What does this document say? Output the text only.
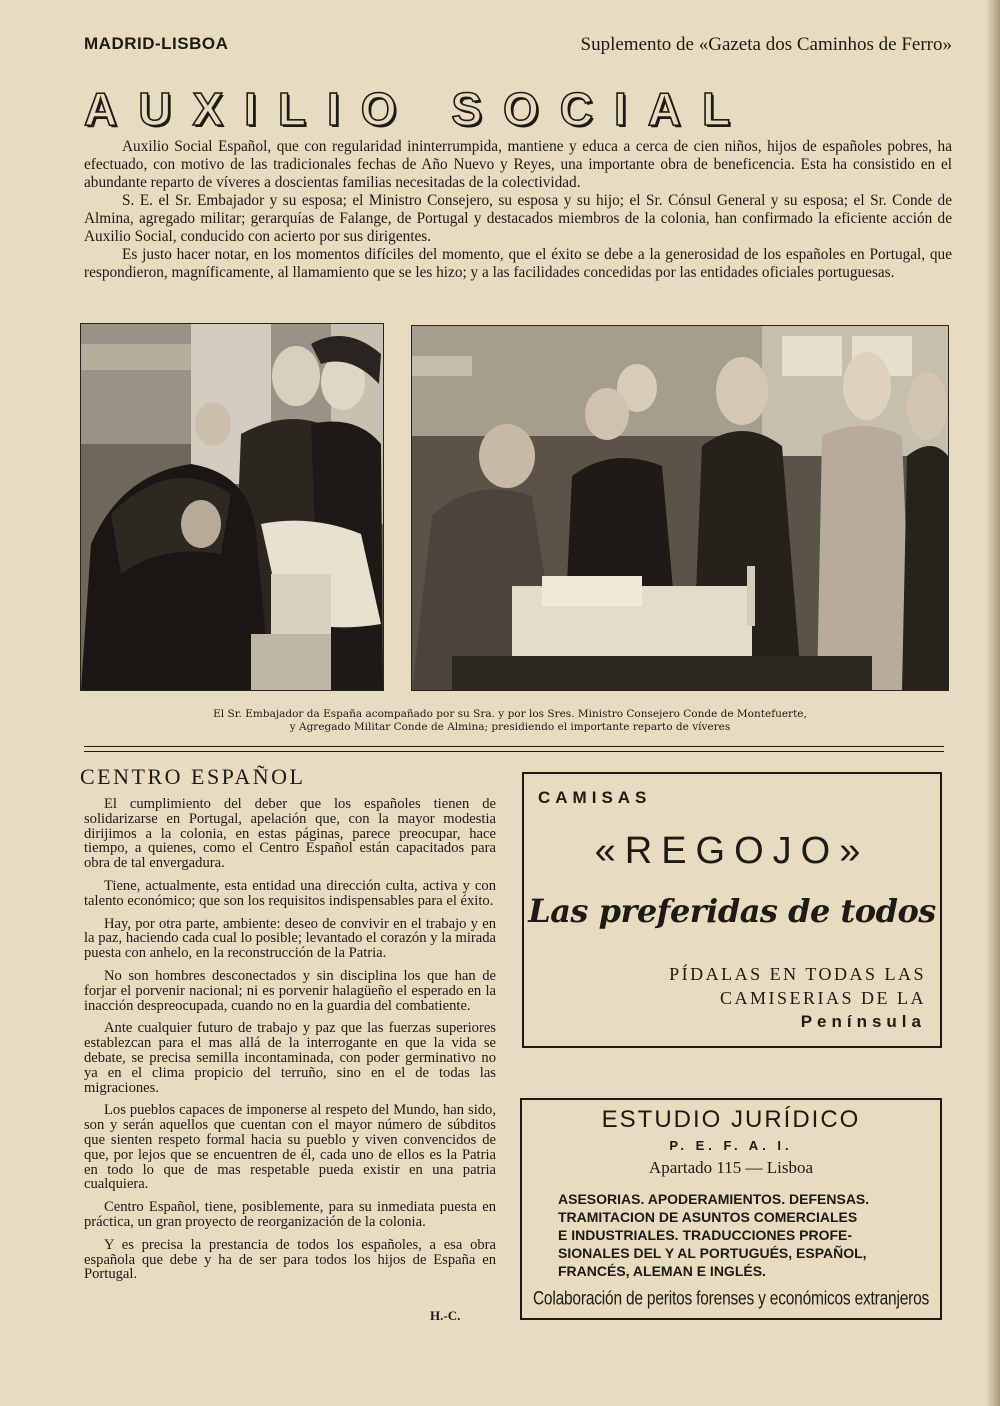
MADRID-LISBOA	Suplemento de «Gazeta dos Caminhos de Ferro»
AUXILIO SOCIAL

Auxilio Social Español, que con regularidad ininterrumpida, mantiene y educa a cerca de cien niños, hijos de españoles pobres, ha efectuado, con motivo de las tradicionales fechas de Año Nuevo y Reyes, una importante obra de beneficencia. Esta ha consistido en el abundante reparto de víveres a doscientas familias necesitadas de la colectividad.

S. E. el Sr. Embajador y su esposa; el Ministro Consejero, su esposa y su hijo; el Sr. Cónsul General y su esposa; el Sr. Conde de Almina, agregado militar; gerarquías de Falange, de Portugal y destacados miembros de la colonia, han confirmado la eficiente acción de Auxilio Social, conducido con acierto por sus dirigentes.

Es justo hacer notar, en los momentos difíciles del momento, que el éxito se debe a la generosidad de los españoles en Portugal, que respondieron, magníficamente, al llamamiento que se les hizo; y a las facilidades concedidas por las entidades oficiales portuguesas.

El Sr. Embajador da España acompañado por su Sra. y por los Sres. Ministro Consejero Conde de Montefuerte,
y Agregado Militar Conde de Almina; presidiendo el importante reparto de víveres
CENTRO ESPAÑOL

El cumplimiento del deber que los españoles tienen de solidarizarse en Portugal, apelación que, con la mayor modestia dirijimos a la colonia, en estas páginas, parece preocupar, hace tiempo, a quienes, como el Centro Español están capacitados para obra de tal envergadura.

Tiene, actualmente, esta entidad una dirección culta, activa y con talento económico; que son los requisitos indispensables para el éxito.

Hay, por otra parte, ambiente: deseo de convivir en el trabajo y en la paz, haciendo cada cual lo posible; levantado el corazón y la mirada puesta con anhelo, en la reconstrucción de la Patria.

No son hombres desconectados y sin disciplina los que han de forjar el porvenir nacional; ni es porvenir halagüeño el esperado en la inacción despreocupada, cuando no en la guardia del combatiente.

Ante cualquier futuro de trabajo y paz que las fuerzas superiores establezcan para el mas allá de la interrogante en que la vida se debate, se precisa semilla incontaminada, con poder germinativo no ya en el clima propicio del terruño, sino en el de todas las migraciones.

Los pueblos capaces de imponerse al respeto del Mundo, han sido, son y serán aquellos que cuentan con el mayor número de súbditos que sienten respeto formal hacia su pueblo y viven convencidos de que, por lejos que se encuentren de él, cada uno de ellos es la Patria en todo lo que de mas respetable pueda existir en una patria cualquiera.

Centro Español, tiene, posiblemente, para su inmediata puesta en práctica, un gran proyecto de reorganización de la colonia.

Y es precisa la prestancia de todos los españoles, a esa obra española que debe y ha de ser para todos los hijos de España en Portugal.

H.-C.
CAMISAS
«REGOJO»
Las preferidas de todos
PÍDALAS EN TODAS LAS
CAMISERIAS DE LA
Península
ESTUDIO JURÍDICO
P. E. F. A. I.
Apartado 115 — Lisboa
ASESORIAS. APODERAMIENTOS. DEFENSAS.
TRAMITACION DE ASUNTOS COMERCIALES
E INDUSTRIALES. TRADUCCIONES PROFE-
SIONALES DEL Y AL PORTUGUÉS, ESPAÑOL,
FRANCÉS, ALEMAN E INGLÉS.
Colaboración de peritos forenses y económicos extranjeros
